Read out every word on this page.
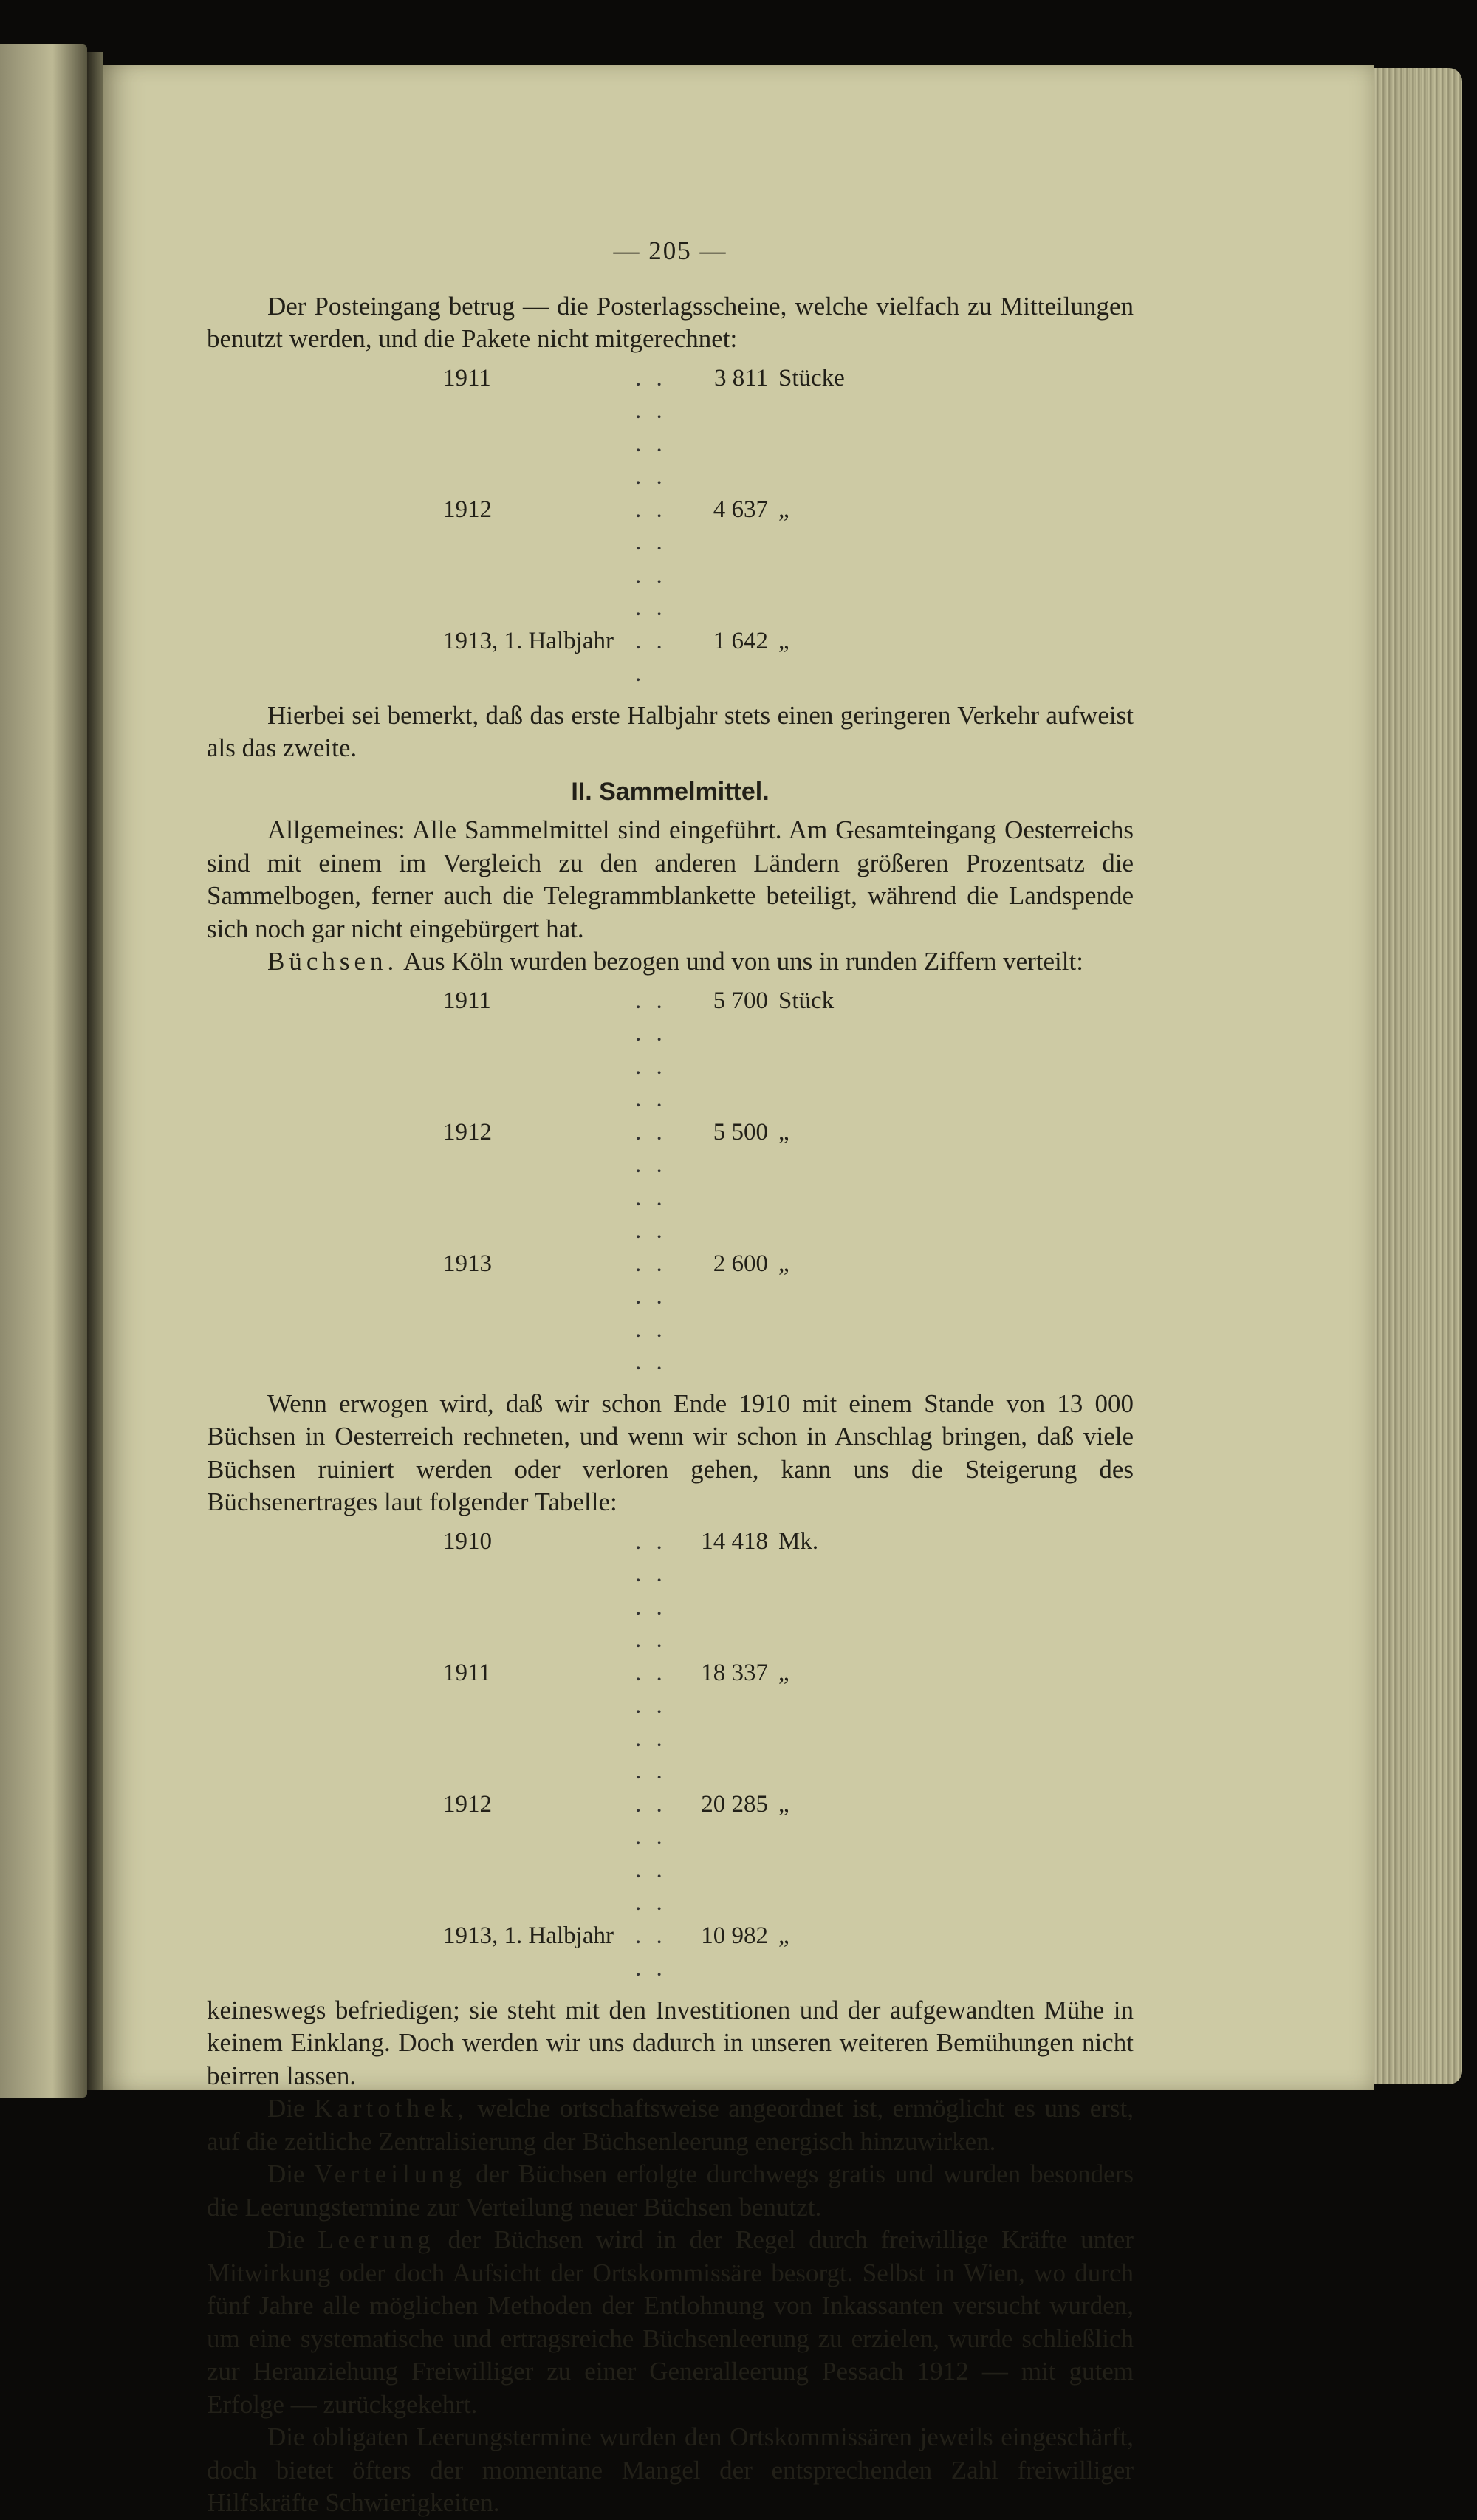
— 205 —

Der Posteingang betrug — die Posterlagsscheine, welche vielfach zu Mitteilungen benutzt werden, und die Pakete nicht mitgerechnet:

1911	. . . . . . . .	3 811	Stücke
1912	. . . . . . . .	4 637	„
1913, 1. Halbjahr	. . .	1 642	„

Hierbei sei bemerkt, daß das erste Halbjahr stets einen geringeren Verkehr aufweist als das zweite.

II. Sammelmittel.

Allgemeines: Alle Sammelmittel sind eingeführt. Am Gesamteingang Oesterreichs sind mit einem im Vergleich zu den anderen Ländern größeren Prozentsatz die Sammelbogen, ferner auch die Telegrammblankette beteiligt, während die Landspende sich noch gar nicht eingebürgert hat.

Büchsen. Aus Köln wurden bezogen und von uns in runden Ziffern verteilt:

1911	. . . . . . . .	5 700	Stück
1912	. . . . . . . .	5 500	„
1913	. . . . . . . .	2 600	„

Wenn erwogen wird, daß wir schon Ende 1910 mit einem Stande von 13 000 Büchsen in Oesterreich rechneten, und wenn wir schon in Anschlag bringen, daß viele Büchsen ruiniert werden oder verloren gehen, kann uns die Steigerung des Büchsenertrages laut folgender Tabelle:

1910	. . . . . . . .	14 418	Mk.
1911	. . . . . . . .	18 337	„
1912	. . . . . . . .	20 285	„
1913, 1. Halbjahr	. . . .	10 982	„

keineswegs befriedigen; sie steht mit den Investitionen und der aufgewandten Mühe in keinem Einklang. Doch werden wir uns dadurch in unseren weiteren Bemühungen nicht beirren lassen.

Die Kartothek, welche ortschaftsweise angeordnet ist, ermöglicht es uns erst, auf die zeitliche Zentralisierung der Büchsenleerung energisch hinzuwirken.

Die Verteilung der Büchsen erfolgte durchwegs gratis und wurden besonders die Leerungstermine zur Verteilung neuer Büchsen benutzt.

Die Leerung der Büchsen wird in der Regel durch freiwillige Kräfte unter Mitwirkung oder doch Aufsicht der Ortskommissäre besorgt. Selbst in Wien, wo durch fünf Jahre alle möglichen Methoden der Entlohnung von Inkassanten versucht wurden, um eine systematische und ertragsreiche Büchsenleerung zu erzielen, wurde schließlich zur Heranziehung Freiwilliger zu einer Generalleerung Pessach 1912 — mit gutem Erfolge — zurückgekehrt.

Die obligaten Leerungstermine wurden den Ortskommissären jeweils eingeschärft, doch bietet öfters der momentane Mangel der entsprechenden Zahl freiwilliger Hilfskräfte Schwierigkeiten.
